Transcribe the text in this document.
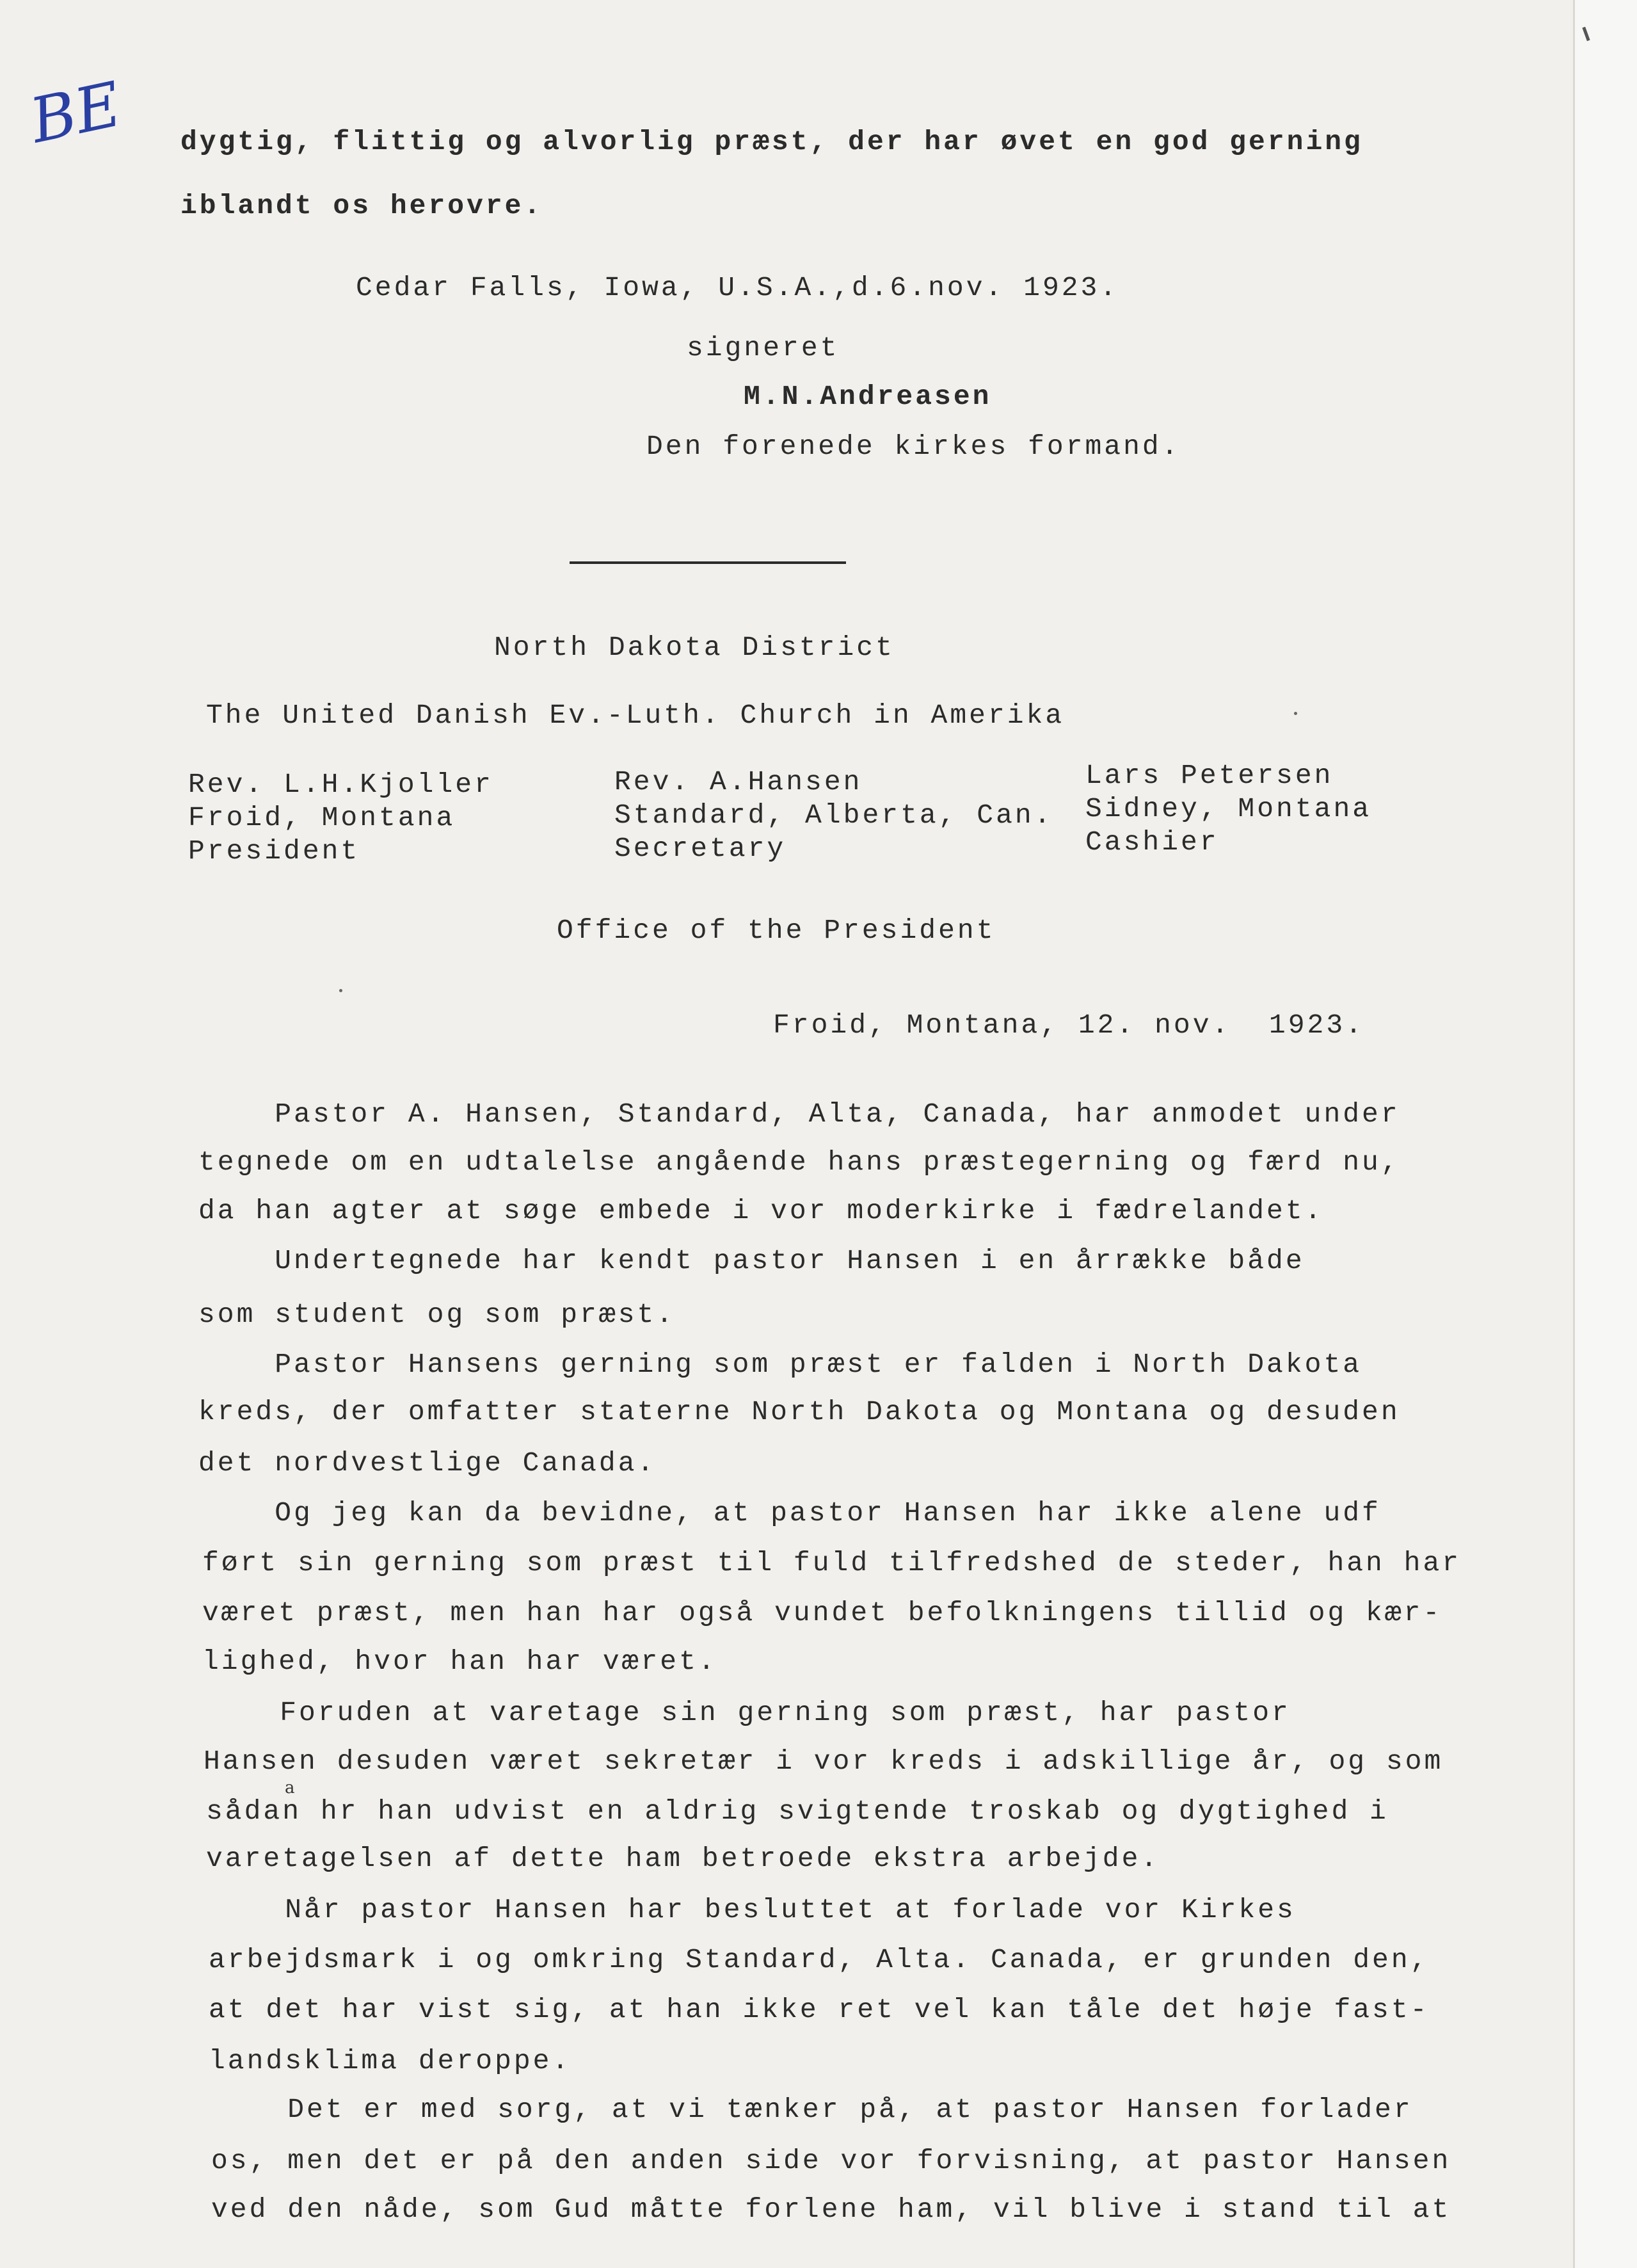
BE dygtig, flittig og alvorlig præst, der har øvet en god gerning
iblandt os herovre.
Cedar Falls, Iowa, U.S.A.,d.6.nov. 1923.
signeret
M.N.Andreasen
Den forenede kirkes formand.
North Dakota District
The United Danish Ev.-Luth. Church in Amerika
Rev. L.H.Kjoller
Froid, Montana
President
Rev. A.Hansen
Standard, Alberta, Can.
Secretary
Lars Petersen
Sidney, Montana
Cashier
Office of the President
Froid, Montana, 12. nov.  1923.
Pastor A. Hansen, Standard, Alta, Canada, har anmodet under
tegnede om en udtalelse angående hans præstegerning og færd nu,
da han agter at søge embede i vor moderkirke i fædrelandet.
Undertegnede har kendt pastor Hansen i en årrække både
som student og som præst.
Pastor Hansens gerning som præst er falden i North Dakota
kreds, der omfatter staterne North Dakota og Montana og desuden
det nordvestlige Canada.
Og jeg kan da bevidne, at pastor Hansen har ikke alene udf
ført sin gerning som præst til fuld tilfredshed de steder, han har
været præst, men han har også vundet befolkningens tillid og kær-
lighed, hvor han har været.
Foruden at varetage sin gerning som præst, har pastor
Hansen desuden været sekretær i vor kreds i adskillige år, og som
sådan hr han udvist en aldrig svigtende troskab og dygtighed i
varetagelsen af dette ham betroede ekstra arbejde.
Når pastor Hansen har besluttet at forlade vor Kirkes
arbejdsmark i og omkring Standard, Alta. Canada, er grunden den,
at det har vist sig, at han ikke ret vel kan tåle det høje fast-
landsklima deroppe.
Det er med sorg, at vi tænker på, at pastor Hansen forlader
os, men det er på den anden side vor forvisning, at pastor Hansen
ved den nåde, som Gud måtte forlene ham, vil blive i stand til at
a
